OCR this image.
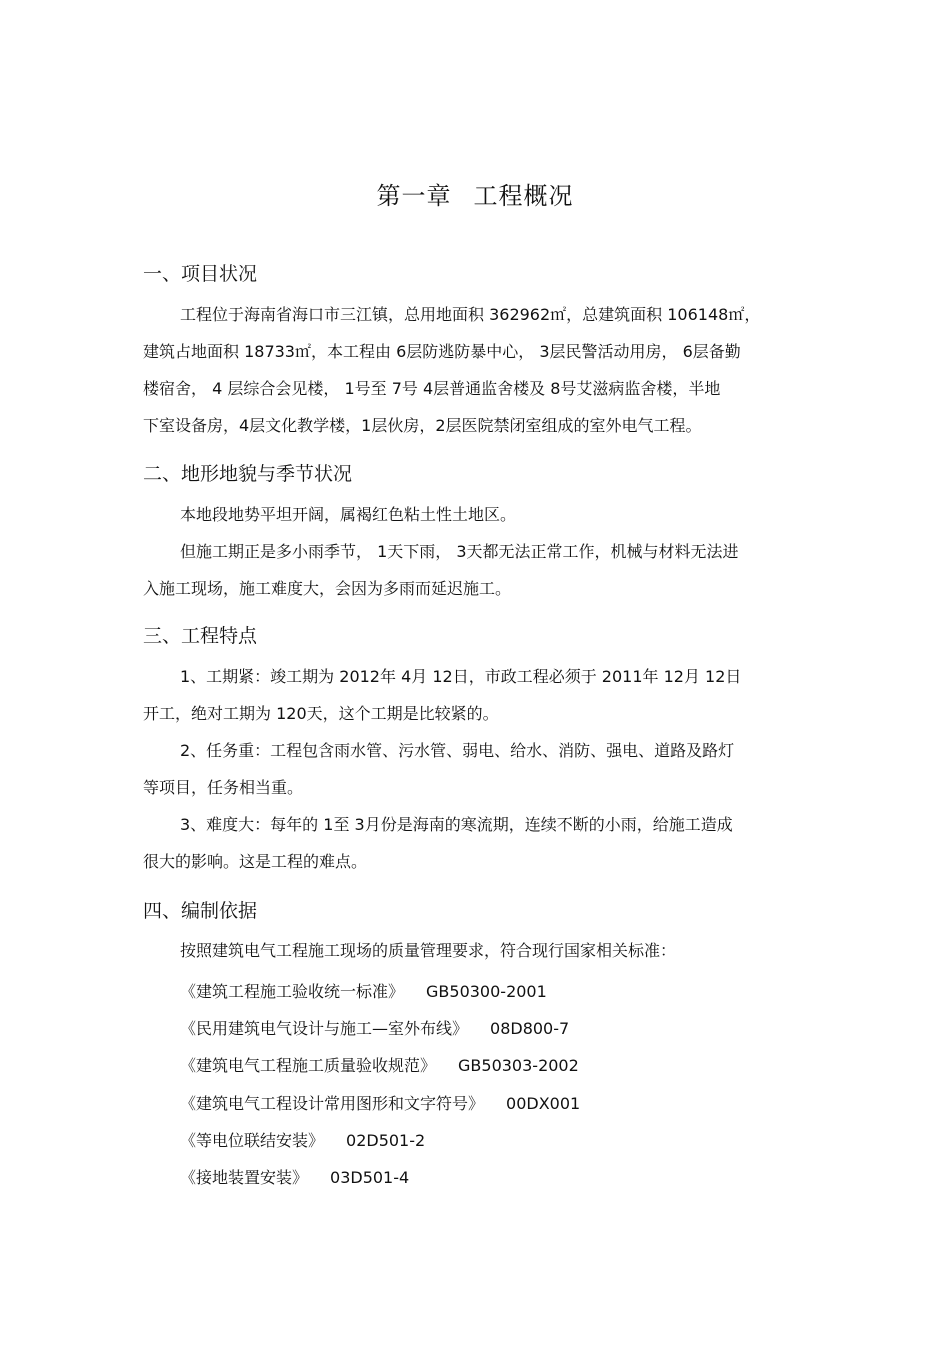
第一章 工程概况
一、项目状况
工程位于海南省海口市三江镇，总用地面积 362962㎡，总建筑面积 106148㎡，
建筑占地面积 18733㎡，本工程由 6层防逃防暴中心， 3层民警活动用房， 6层备勤
楼宿舍， 4 层综合会见楼， 1号至 7号 4层普通监舍楼及 8号艾滋病监舍楼，半地
下室设备房，4层文化教学楼，1层伙房，2层医院禁闭室组成的室外电气工程。
二、地形地貌与季节状况
本地段地势平坦开阔，属褐红色粘土性土地区。
但施工期正是多小雨季节， 1天下雨， 3天都无法正常工作，机械与材料无法进
入施工现场，施工难度大，会因为多雨而延迟施工。
三、工程特点
1、工期紧：竣工期为 2012年 4月 12日，市政工程必须于 2011年 12月 12日
开工，绝对工期为 120天，这个工期是比较紧的。
2、任务重：工程包含雨水管、污水管、弱电、给水、消防、强电、道路及路灯
等项目，任务相当重。
3、难度大：每年的 1至 3月份是海南的寒流期，连续不断的小雨，给施工造成
很大的影响。这是工程的难点。
四、编制依据
按照建筑电气工程施工现场的质量管理要求，符合现行国家相关标准：
《建筑工程施工验收统一标准》 GB50300-2001
《民用建筑电气设计与施工—室外布线》 08D800-7
《建筑电气工程施工质量验收规范》 GB50303-2002
《建筑电气工程设计常用图形和文字符号》 00DX001
《等电位联结安装》 02D501-2
《接地装置安装》 03D501-4
